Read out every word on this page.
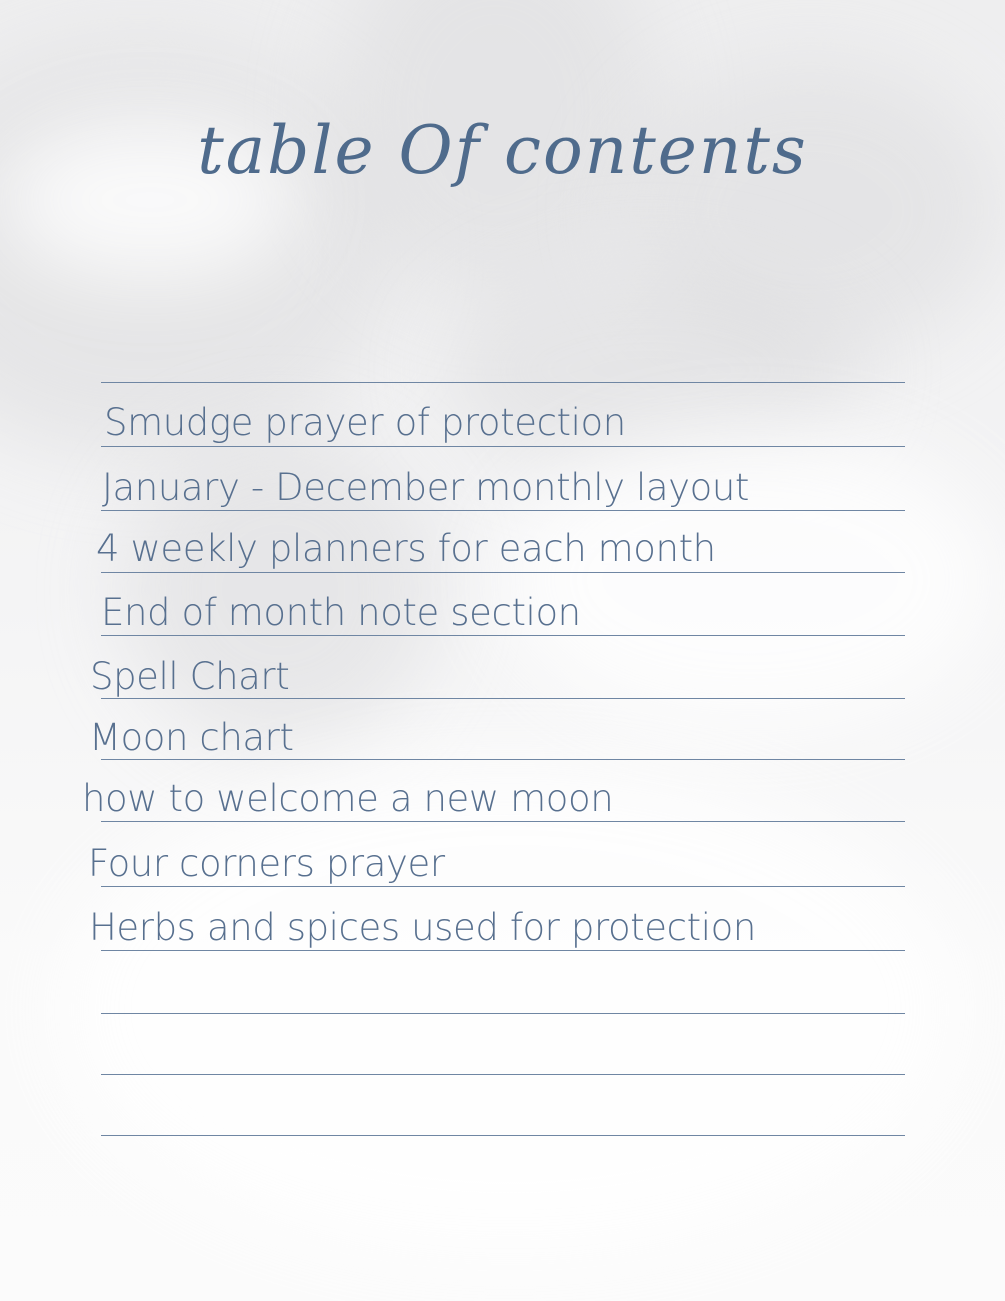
table Of contents
Smudge prayer of protection
January - December monthly layout
4 weekly planners for each month
End of month note section
Spell Chart
Moon chart
how to welcome a new moon
Four corners prayer
Herbs and spices used for protection
